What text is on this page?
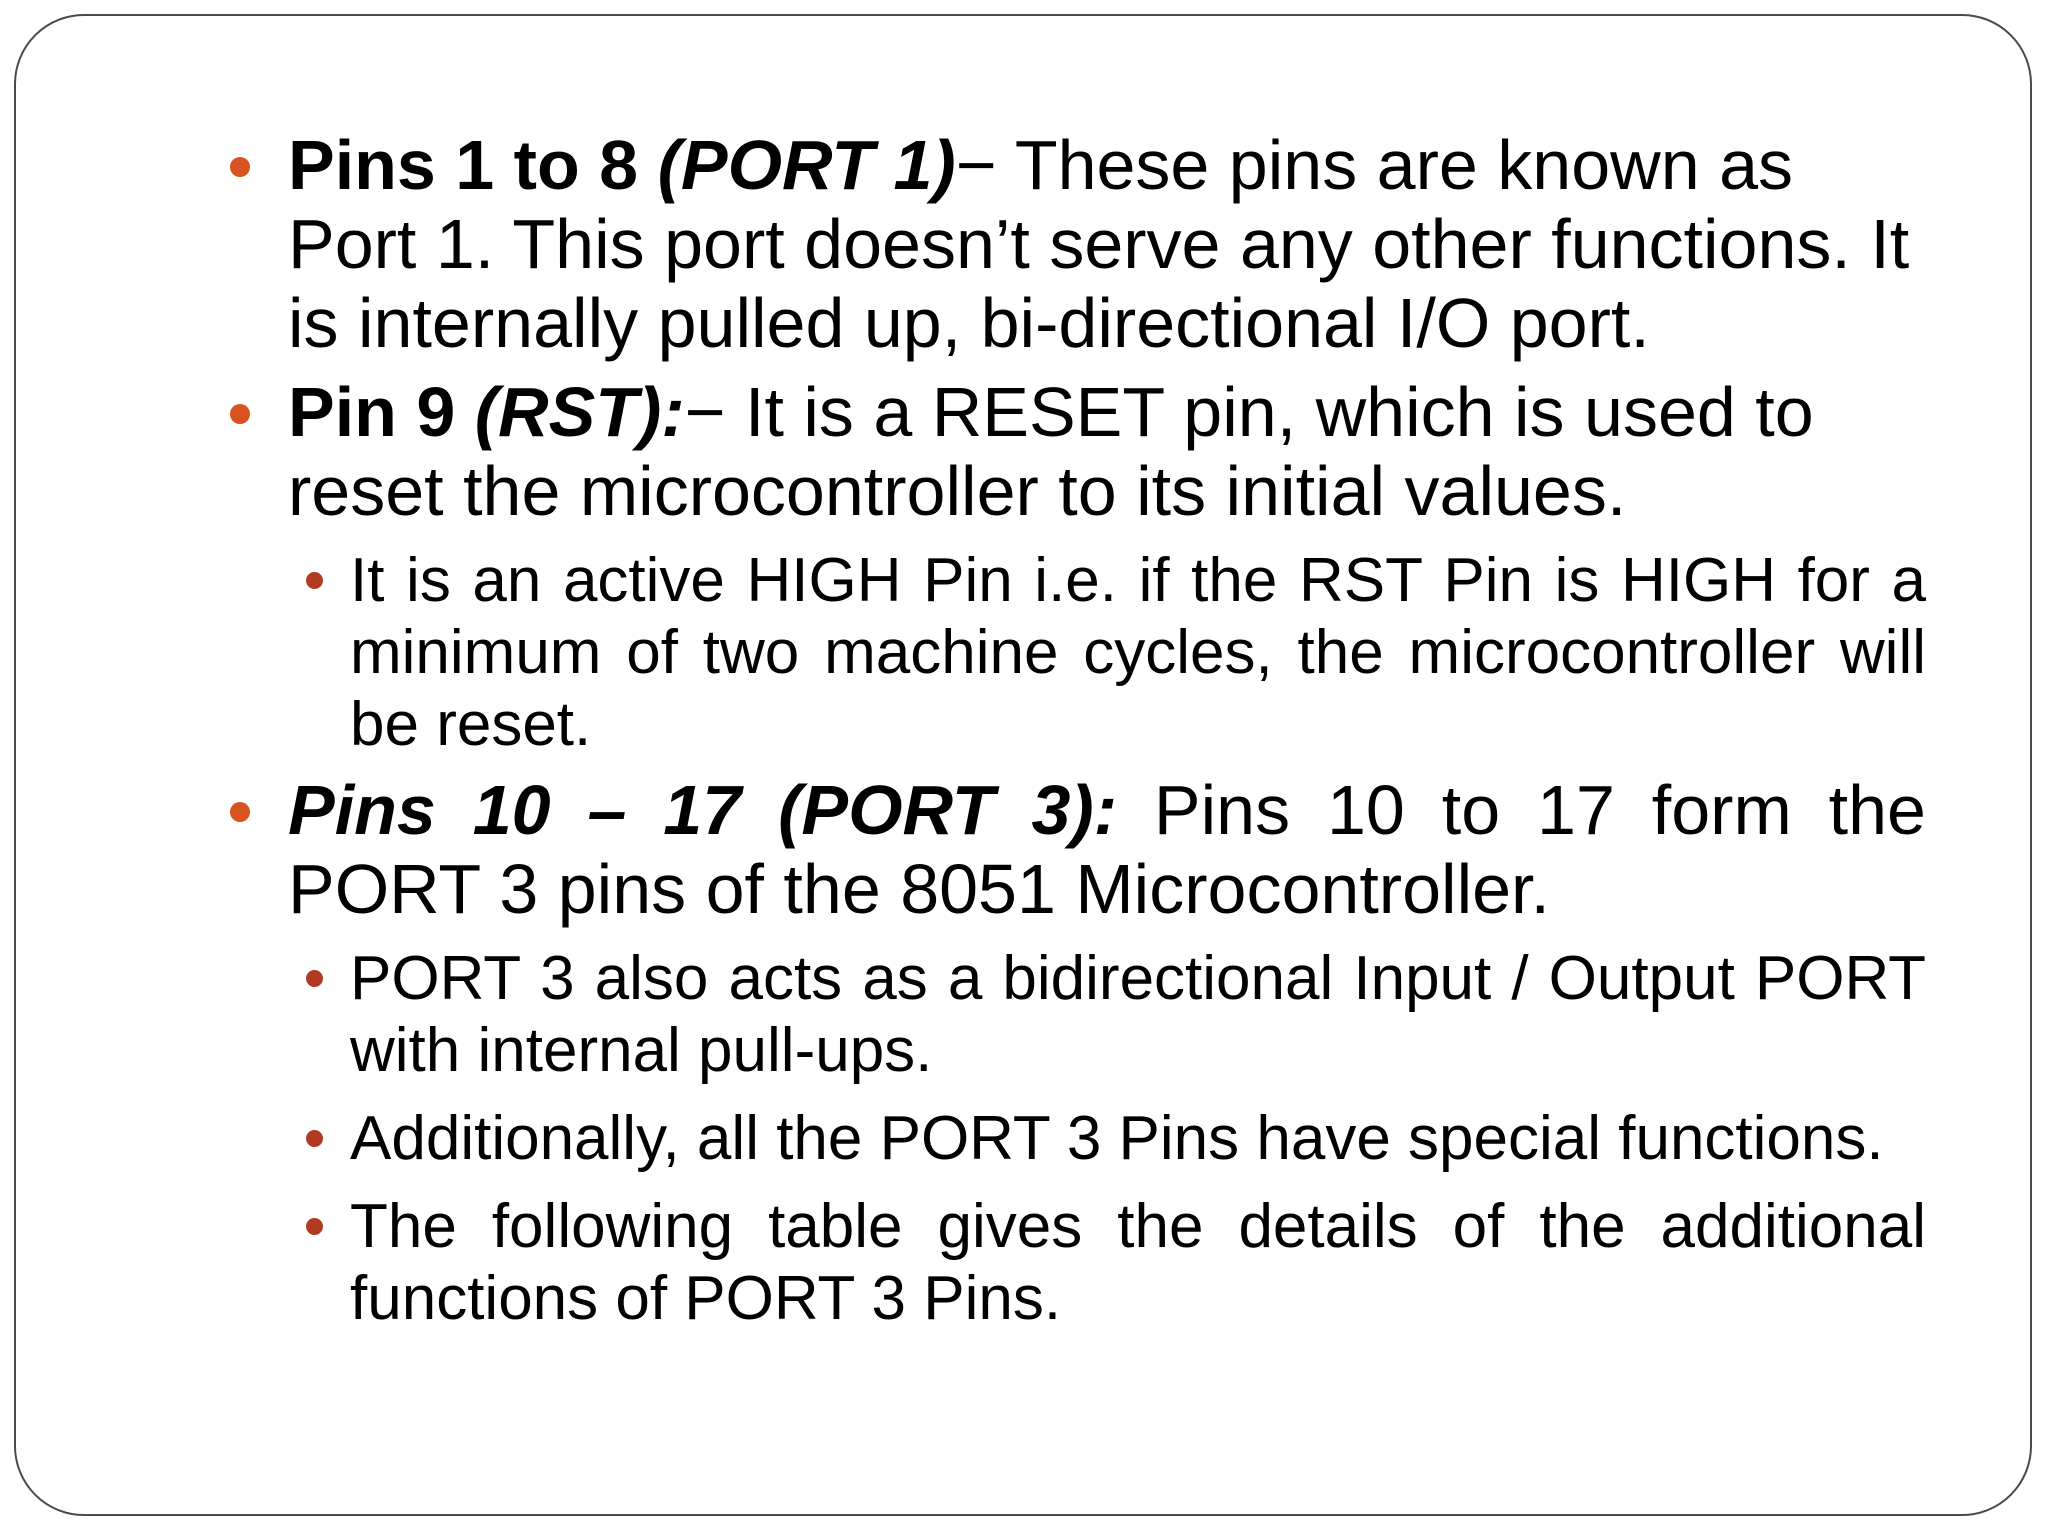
Pins 1 to 8 (PORT 1)− These pins are known as Port 1. This port doesn’t serve any other functions. It is internally pulled up, bi-directional I/O port.
Pin 9 (RST):− It is a RESET pin, which is used to reset the microcontroller to its initial values.
It is an active HIGH Pin i.e. if the RST Pin is HIGH for a minimum of two machine cycles, the microcontroller will be reset.
Pins 10 – 17 (PORT 3): Pins 10 to 17 form the PORT 3 pins of the 8051 Microcontroller.
PORT 3 also acts as a bidirectional Input / Output PORT with internal pull-ups.
Additionally, all the PORT 3 Pins have special functions.
The following table gives the details of the additional functions of PORT 3 Pins.
